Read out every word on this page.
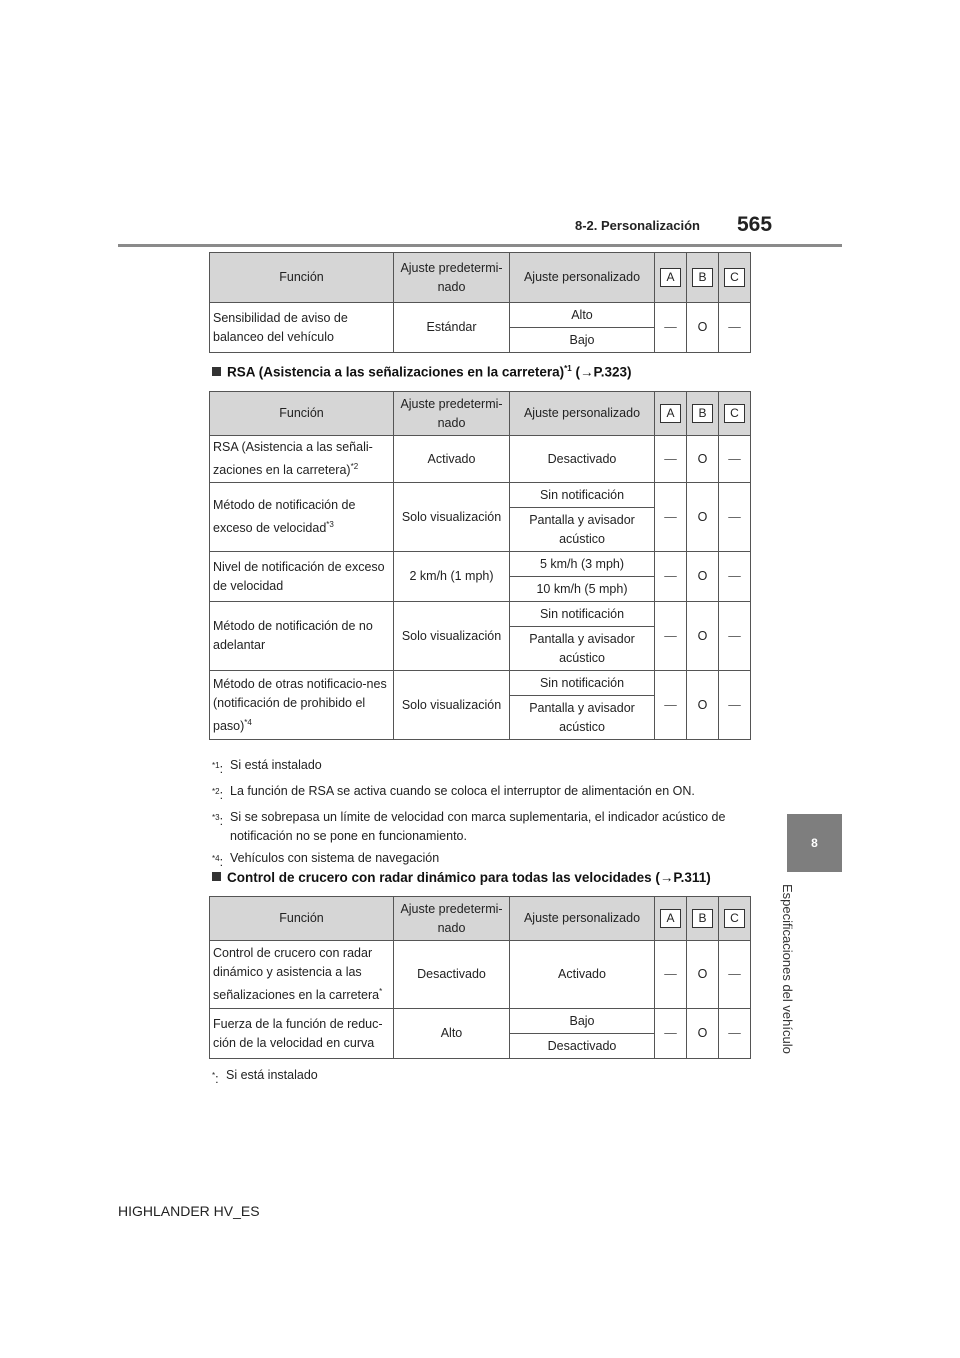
8-2. Personalización 565
8
Especificaciones del vehículo
Función	Ajuste predetermi-nado	Ajuste personalizado	A	B	C
Sensibilidad de aviso de balanceo del vehículo	Estándar	Alto	—	O	—
		Bajo			
RSA (Asistencia a las señalizaciones en la carretera)$^{*1}$ (→P.323)
Función	Ajuste predetermi-nado	Ajuste personalizado	A	B	C
RSA (Asistencia a las señali-zaciones en la carretera)$^{*2}$	Activado	Desactivado	—	O	—
Método de notificación de exceso de velocidad$^{*3}$	Solo visualización	Sin notificación	—	O	—
		Pantalla y avisador acústico			
Nivel de notificación de exceso de velocidad	2 km/h (1 mph)	5 km/h (3 mph)	—	O	—
		10 km/h (5 mph)			
Método de notificación de no adelantar	Solo visualización	Sin notificación	—	O	—
		Pantalla y avisador acústico			
Método de otras notificacio-nes (notificación de prohibido el paso)$^{*4}$	Solo visualización	Sin notificación	—	O	—
		Pantalla y avisador acústico			
$^{*1}$: Si está instalado
$^{*2}$: La función de RSA se activa cuando se coloca el interruptor de alimentación en ON.
$^{*3}$: Si se sobrepasa un límite de velocidad con marca suplementaria, el indicador acústico de notificación no se pone en funcionamiento.
$^{*4}$: Vehículos con sistema de navegación
Control de crucero con radar dinámico para todas las velocidades (→P.311)
Función	Ajuste predetermi-nado	Ajuste personalizado	A	B	C
Control de crucero con radar dinámico y asistencia a las señalizaciones en la carretera*	Desactivado	Activado	—	O	—
Fuerza de la función de reduc-ción de la velocidad en curva	Alto	Bajo	—	O	—
		Desactivado			
*: Si está instalado
HIGHLANDER HV_ES
